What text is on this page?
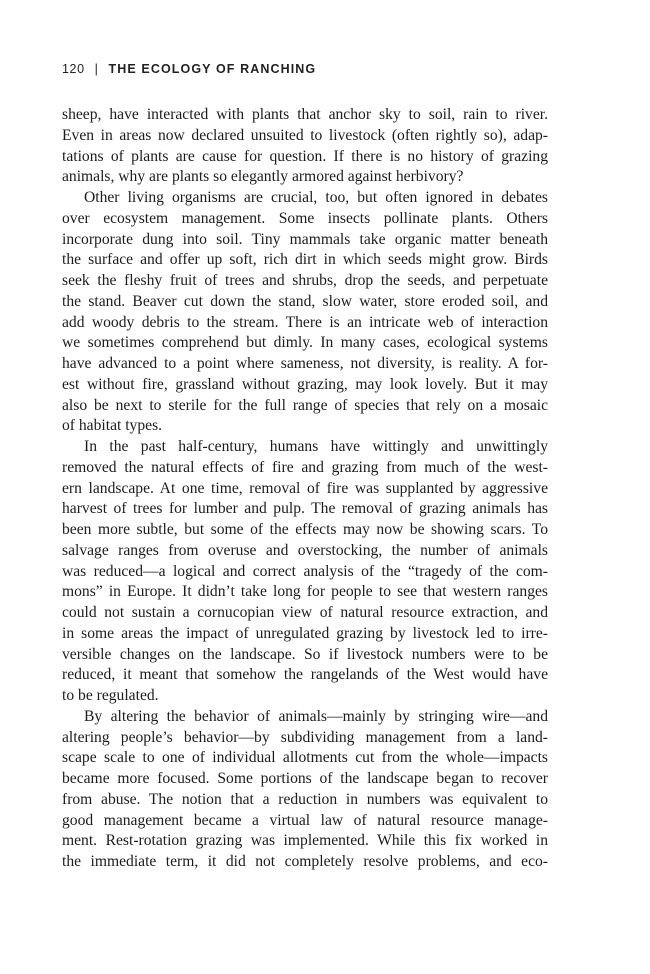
120 | THE ECOLOGY OF RANCHING
sheep, have interacted with plants that anchor sky to soil, rain to river.
Even in areas now declared unsuited to livestock (often rightly so), adap-
tations of plants are cause for question. If there is no history of grazing
animals, why are plants so elegantly armored against herbivory?
Other living organisms are crucial, too, but often ignored in debates
over ecosystem management. Some insects pollinate plants. Others
incorporate dung into soil. Tiny mammals take organic matter beneath
the surface and offer up soft, rich dirt in which seeds might grow. Birds
seek the fleshy fruit of trees and shrubs, drop the seeds, and perpetuate
the stand. Beaver cut down the stand, slow water, store eroded soil, and
add woody debris to the stream. There is an intricate web of interaction
we sometimes comprehend but dimly. In many cases, ecological systems
have advanced to a point where sameness, not diversity, is reality. A for-
est without fire, grassland without grazing, may look lovely. But it may
also be next to sterile for the full range of species that rely on a mosaic
of habitat types.
In the past half-century, humans have wittingly and unwittingly
removed the natural effects of fire and grazing from much of the west-
ern landscape. At one time, removal of fire was supplanted by aggressive
harvest of trees for lumber and pulp. The removal of grazing animals has
been more subtle, but some of the effects may now be showing scars. To
salvage ranges from overuse and overstocking, the number of animals
was reduced—a logical and correct analysis of the “tragedy of the com-
mons” in Europe. It didn’t take long for people to see that western ranges
could not sustain a cornucopian view of natural resource extraction, and
in some areas the impact of unregulated grazing by livestock led to irre-
versible changes on the landscape. So if livestock numbers were to be
reduced, it meant that somehow the rangelands of the West would have
to be regulated.
By altering the behavior of animals—mainly by stringing wire—and
altering people’s behavior—by subdividing management from a land-
scape scale to one of individual allotments cut from the whole—impacts
became more focused. Some portions of the landscape began to recover
from abuse. The notion that a reduction in numbers was equivalent to
good management became a virtual law of natural resource manage-
ment. Rest-rotation grazing was implemented. While this fix worked in
the immediate term, it did not completely resolve problems, and eco-
